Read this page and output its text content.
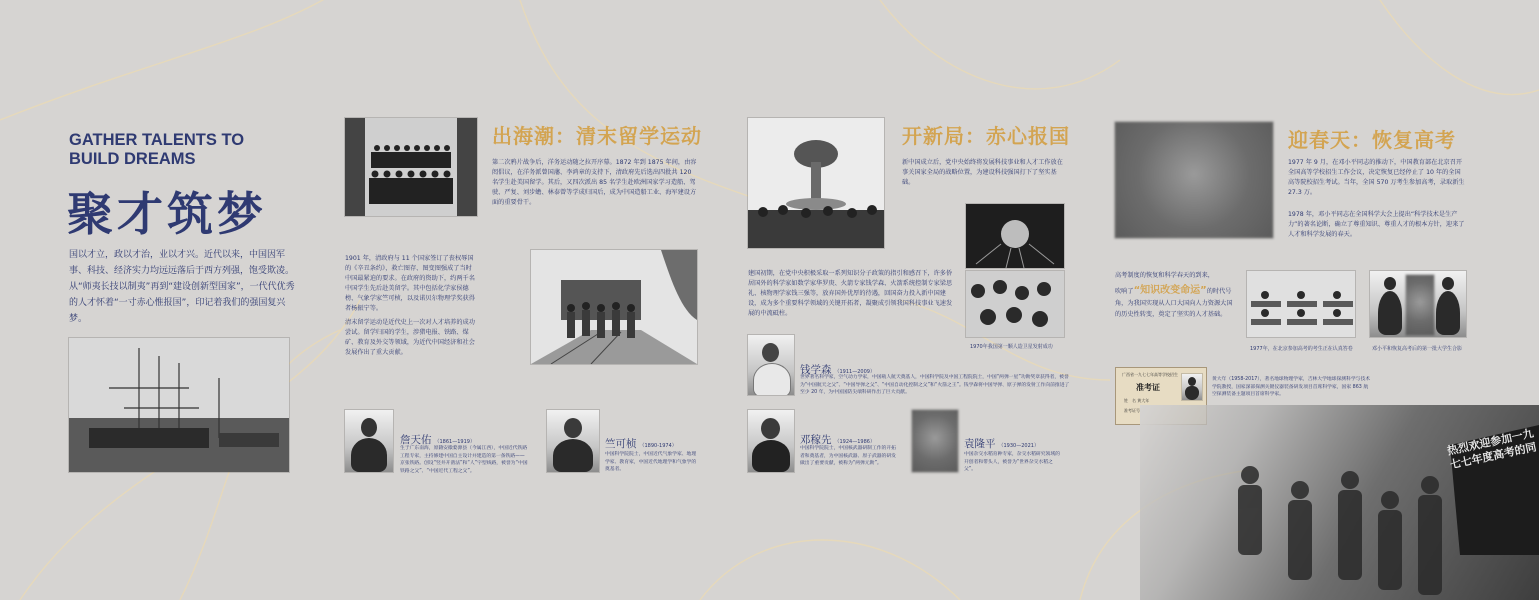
GATHER TALENTS TO
BUILD DREAMS
聚才筑梦
国以才立，政以才治，业以才兴。近代以来，中国因军事、科技、经济实力均远远落后于西方列强，饱受欺凌。从“师夷长技以制夷”再到“建设创新型国家”，一代代优秀的人才怀着“一寸赤心惟报国”，印记着我们的强国复兴梦。
出海潮：清末留学运动
第二次鸦片战争后，洋务运动随之拉开序幕。1872 年到 1875 年间，由容闳倡议，在洋务派曾国藩、李鸿章的支持下，清政府先后选出四批共 120 名学生赴美国留学。其后，又四次派出 85 名学生赴欧洲国家学习造船、驾驶、严复、刘步蟾、林泰曾等学成归国后，成为中国造船工业、海军建设方面的重要骨干。
1901 年，清政府与 11 个国家签订了丧权辱国的《辛丑条约》，救亡图存、图变图强成了当时中国最紧迫的要求。在政府的资助下，约两千名中国学生先后赴美留学。其中包括化学家侯德榜、气象学家竺可桢，以及诺贝尔物理学奖获得者杨振宁等。
清末留学运动是近代史上一次对人才培养的成功尝试。留学归国的学生，涉猎电报、铁路、煤矿、教育及外交等领域，为近代中国经济和社会发展作出了重大贡献。
詹天佑 （1861—1919）
生于广东南海，原籍安徽婺源县（今属江西），中国近代铁路工程专家，主持修建中国自主设计并建造的第一条铁路——京张铁路。创设“竖井开凿法”和“人”字型线路，被誉为“中国铁路之父”、“中国近代工程之父”。
竺可桢 （1890-1974）
中国科学院院士，中国近代气象学家、地理学家、教育家，中国近代地理学和气象学的奠基者。
开新局：赤心报国
新中国成立后，党中央始终将发展科技事业和人才工作放在事关国家全局的战略位置，为建设科技强国打下了坚实基础。
1970年我国第一颗人造卫星发射成功
建国初期，在党中央积极采取一系列知识分子政策的指引和感召下，许多侨居国外的科学家如数学家华罗庚、火箭专家钱学森、火箭系统控制专家梁思礼、核物理学家钱三强等，放弃国外优厚的待遇，回国奋力投入新中国建设，成为多个重要科学领域的关键开拓者，凝聚成引领我国科技事业飞速发展的中流砥柱。
钱学森 （1911—2009）
世界著名科学家，空气动力学家，中国载人航天奠基人，中国科学院及中国工程院院士，中国“两弹一星”功勋奖章获得者，被誉为“中国航天之父”、“中国导弹之父”、“中国自动化控制之父”和“火箭之王”。钱学森将中国导弹、原子弹的发射工作向前推进了至少 20 年，为中国国防尖端科研作出了巨大贡献。
邓稼先 （1924—1986）
中国科学院院士，中国核武器研制工作的开拓者和奠基者，为中国核武器、原子武器的研发做出了重要贡献，被称为“两弹元勋”。
袁隆平 （1930—2021）
中国杂交水稻育种专家，杂交水稻研究领域的开创者和带头人，被誉为“世界杂交水稻之父”。
迎春天：恢复高考
1977 年 9 月，在邓小平同志的推动下，中国教育部在北京召开全国高等学校招生工作会议，决定恢复已经停止了 10 年的全国高等院校招生考试。当年，全国 570 万考生参加高考，录取新生 27.3 万。
1978 年，邓小平同志在全国科学大会上提出“科学技术是生产力”的著名论断，确立了尊重知识、尊重人才的根本方针，迎来了人才和科学发展的春天。
高考制度的恢复和科学春天的到来，
吹响了“知识改变命运”的时代号角，为我国实现从人口大国向人力资源大国的历史性转变，奠定了坚实的人才基础。
1977年，在北京参加高考的考生正在认真答卷	邓小平和恢复高考后的第一批大学生合影
广西省一九七七年高等学校招生
准考证
姓　名 黄大年
准考证号
黄大年（1958-2017），著名地球物理学家，吉林大学地球探测科学与技术学院教授，国家深部探测关键仪器装备研发项目首席科学家，国家 863 航空探测装备主题项目首席科学家。
热烈欢迎参加一九七七年度高考的同
